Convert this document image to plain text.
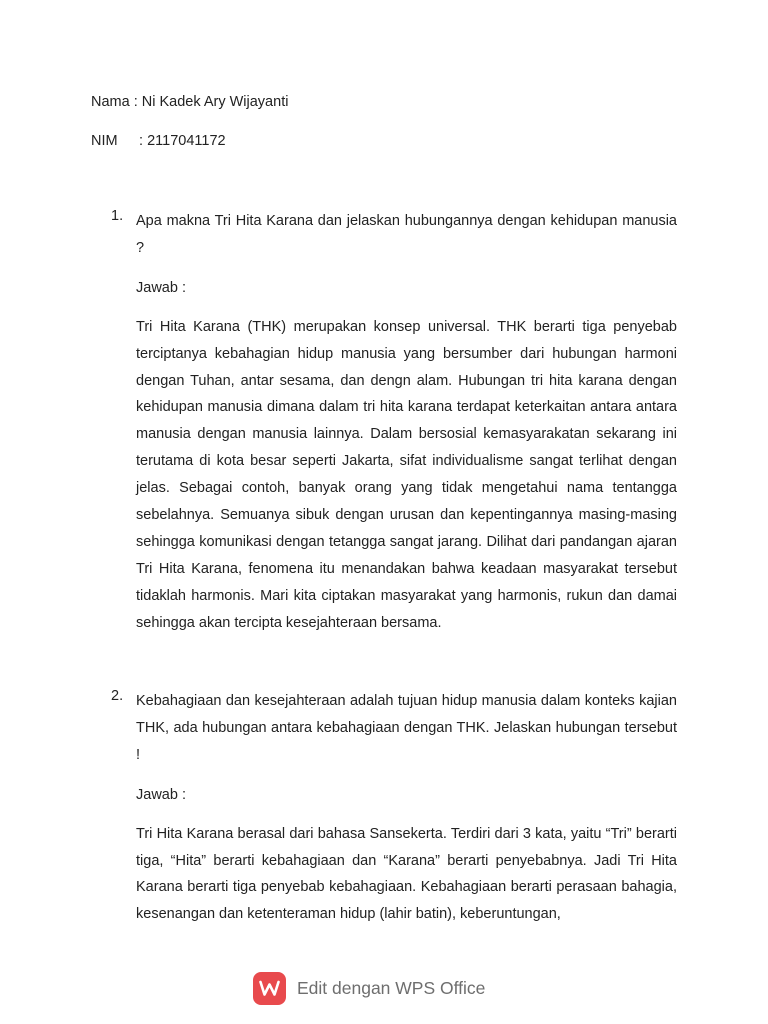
Nama : Ni Kadek Ary Wijayanti
NIM : 2117041172
1. Apa makna Tri Hita Karana dan jelaskan hubungannya dengan kehidupan manusia ?

Jawab :

Tri Hita Karana (THK) merupakan konsep universal. THK berarti tiga penyebab terciptanya kebahagian hidup manusia yang bersumber dari hubungan harmoni dengan Tuhan, antar sesama, dan dengn alam. Hubungan tri hita karana dengan kehidupan manusia dimana dalam tri hita karana terdapat keterkaitan antara antara manusia dengan manusia lainnya. Dalam bersosial kemasyarakatan sekarang ini terutama di kota besar seperti Jakarta, sifat individualisme sangat terlihat dengan jelas. Sebagai contoh, banyak orang yang tidak mengetahui nama tentangga sebelahnya. Semuanya sibuk dengan urusan dan kepentingannya masing-masing sehingga komunikasi dengan tetangga sangat jarang. Dilihat dari pandangan ajaran Tri Hita Karana, fenomena itu menandakan bahwa keadaan masyarakat tersebut tidaklah harmonis. Mari kita ciptakan masyarakat yang harmonis, rukun dan damai sehingga akan tercipta kesejahteraan bersama.

2. Kebahagiaan dan kesejahteraan adalah tujuan hidup manusia dalam konteks kajian THK, ada hubungan antara kebahagiaan dengan THK. Jelaskan hubungan tersebut !

Jawab :

Tri Hita Karana berasal dari bahasa Sansekerta. Terdiri dari 3 kata, yaitu “Tri” berarti tiga, “Hita” berarti kebahagiaan dan “Karana” berarti penyebabnya. Jadi Tri Hita Karana berarti tiga penyebab kebahagiaan. Kebahagiaan berarti perasaan bahagia, kesenangan dan ketenteraman hidup (lahir batin), keberuntungan,

Edit dengan WPS Office
